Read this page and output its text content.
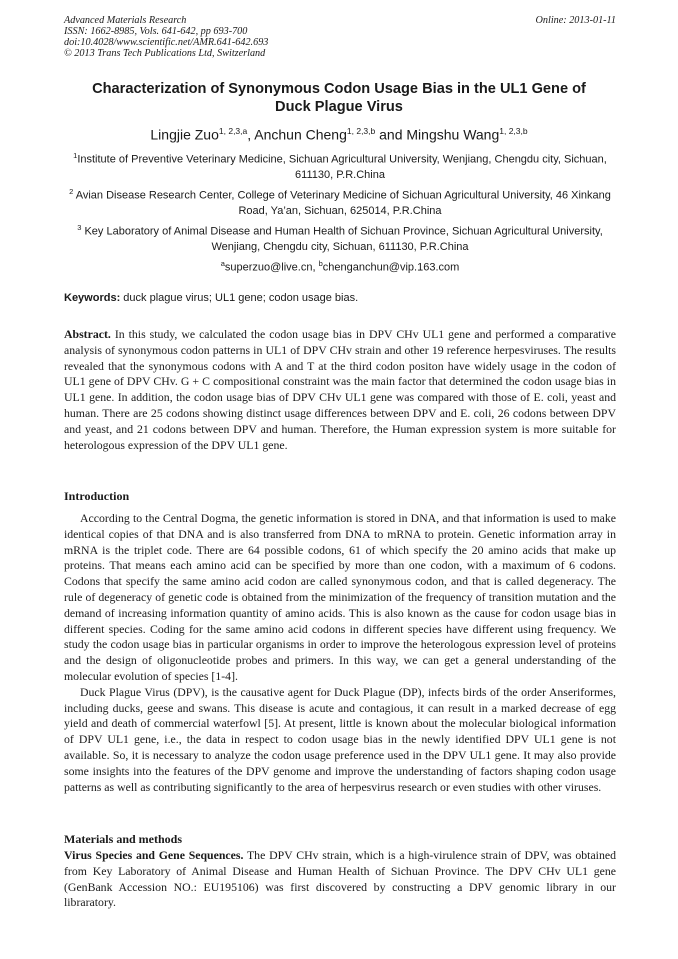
Advanced Materials Research
ISSN: 1662-8985, Vols. 641-642, pp 693-700
doi:10.4028/www.scientific.net/AMR.641-642.693
© 2013 Trans Tech Publications Ltd, Switzerland
Online: 2013-01-11
Characterization of Synonymous Codon Usage Bias in the UL1 Gene of
Duck Plague Virus
Lingjie Zuo$^{1, 2,3,a}$, Anchun Cheng$^{1, 2,3,b}$ and Mingshu Wang$^{1, 2,3,b}$
$^1$Institute of Preventive Veterinary Medicine, Sichuan Agricultural University, Wenjiang, Chengdu city, Sichuan, 611130, P.R.China
$^2$ Avian Disease Research Center, College of Veterinary Medicine of Sichuan Agricultural University, 46 Xinkang Road, Ya’an, Sichuan, 625014, P.R.China
$^3$ Key Laboratory of Animal Disease and Human Health of Sichuan Province, Sichuan Agricultural University, Wenjiang, Chengdu city, Sichuan, 611130, P.R.China
$^a$superzuo@live.cn, $^b$chenganchun@vip.163.com
Keywords: duck plague virus; UL1 gene; codon usage bias.
Abstract. In this study, we calculated the codon usage bias in DPV CHv UL1 gene and performed a comparative analysis of synonymous codon patterns in UL1 of DPV CHv strain and other 19 reference herpesviruses. The results revealed that the synonymous codons with A and T at the third codon positon have widely usage in the codon of UL1 gene of DPV CHv. G + C compositional constraint was the main factor that determined the codon usage bias in UL1 gene. In addition, the codon usage bias of DPV CHv UL1 gene was compared with those of E. coli, yeast and human. There are 25 codons showing distinct usage differences between DPV and E. coli, 26 codons between DPV and yeast, and 21 codons between DPV and human. Therefore, the Human expression system is more suitable for heterologous expression of the DPV UL1 gene.
Introduction

According to the Central Dogma, the genetic information is stored in DNA, and that information is used to make identical copies of that DNA and is also transferred from DNA to mRNA to protein. Genetic information array in mRNA is the triplet code. There are 64 possible codons, 61 of which specify the 20 amino acids that make up proteins. That means each amino acid can be specified by more than one codon, with a maximum of 6 codons. Codons that specify the same amino acid codon are called synonymous codon, and that is called degeneracy. The rule of degeneracy of genetic code is obtained from the minimization of the frequency of transition mutation and the demand of increasing information quantity of amino acids. This is also known as the cause for codon usage bias in different species. Coding for the same amino acid codons in different species have different using frequency. We study the codon usage bias in particular organisms in order to improve the heterologous expression level of proteins and the design of oligonucleotide probes and primers. In this way, we can get a general understanding of the molecular evolution of species [1-4].

Duck Plague Virus (DPV), is the causative agent for Duck Plague (DP), infects birds of the order Anseriformes, including ducks, geese and swans. This disease is acute and contagious, it can result in a marked decrease of egg yield and death of commercial waterfowl [5]. At present, little is known about the molecular biological information of DPV UL1 gene, i.e., the data in respect to codon usage bias in the newly identified DPV UL1 gene is not available. So, it is necessary to analyze the codon usage preference used in the DPV UL1 gene. It may also provide some insights into the features of the DPV genome and improve the understanding of factors shaping codon usage patterns as well as contributing significantly to the area of herpesvirus research or even studies with other viruses.

Materials and methods

Virus Species and Gene Sequences. The DPV CHv strain, which is a high-virulence strain of DPV, was obtained from Key Laboratory of Animal Disease and Human Health of Sichuan Province. The DPV CHv UL1 gene (GenBank Accession NO.: EU195106) was first discovered by constructing a DPV genomic library in our libraratory.
